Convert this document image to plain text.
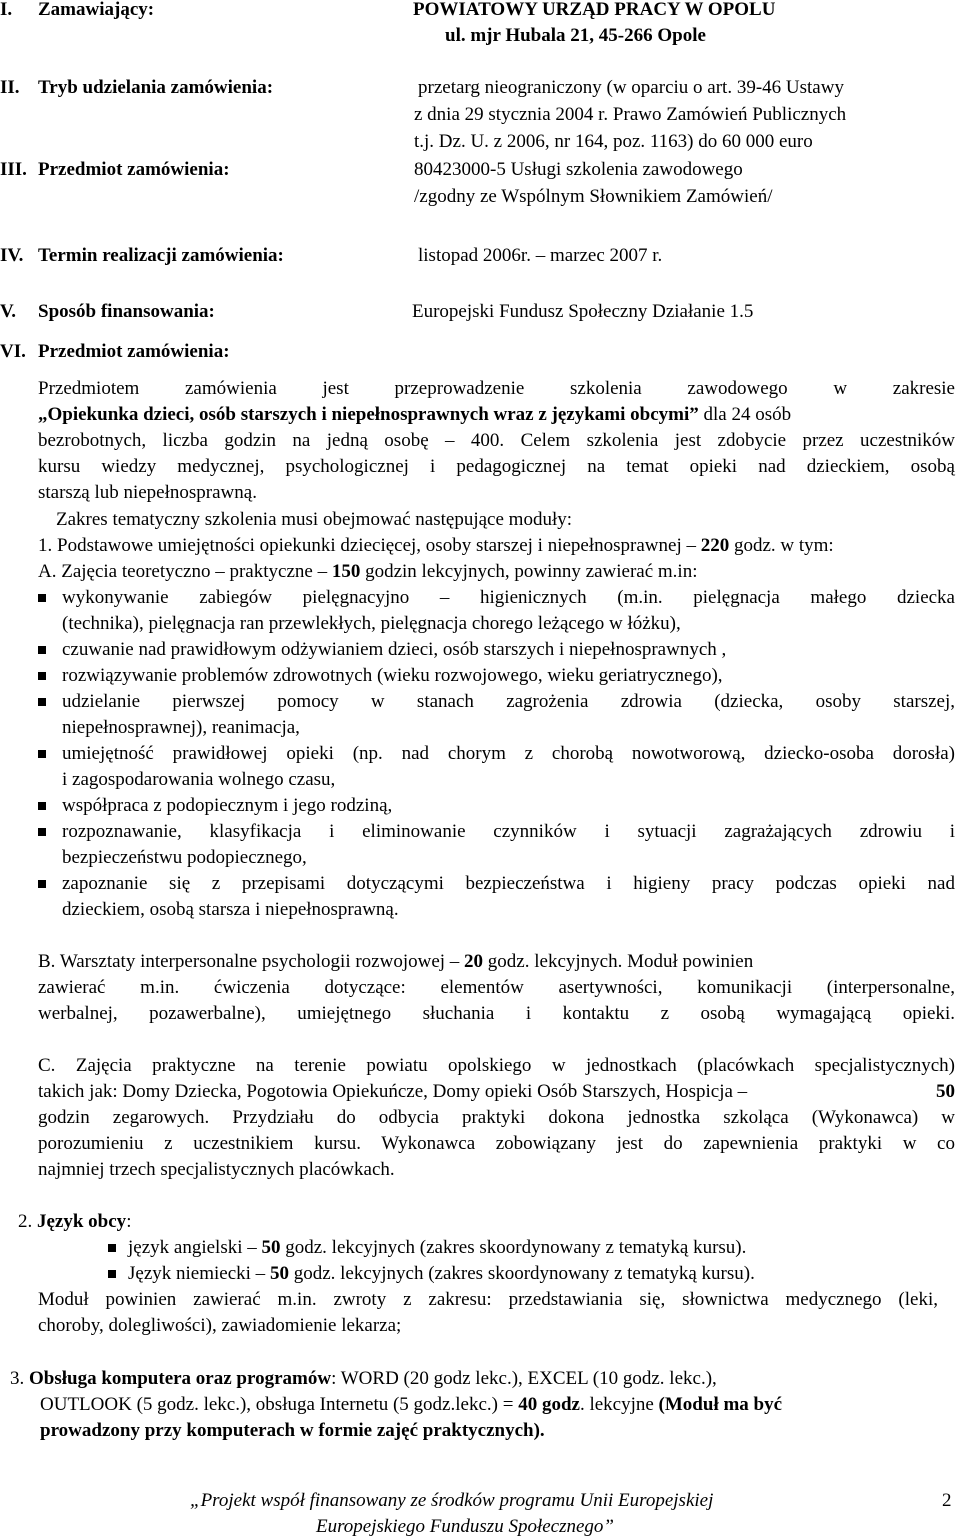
I. Zamawiający:	POWIATOWY URZĄD PRACY W OPOLU
ul. mjr Hubala 21, 45-266 Opole
II. Tryb udzielania zamówienia:	przetarg nieograniczony (w oparciu o art. 39-46 Ustawy
z dnia 29 stycznia 2004 r. Prawo Zamówień Publicznych
t.j. Dz. U. z 2006, nr 164, poz. 1163) do 60 000 euro
III. Przedmiot zamówienia:	80423000-5 Usługi szkolenia zawodowego
/zgodny ze Wspólnym Słownikiem Zamówień/
IV. Termin realizacji zamówienia:	listopad 2006r. – marzec 2007 r.
V. Sposób finansowania:	Europejski Fundusz Społeczny Działanie 1.5
VI. Przedmiot zamówienia:
Przedmiotem zamówienia jest przeprowadzenie szkolenia zawodowego w zakresie
„Opiekunka dzieci, osób starszych i niepełnosprawnych wraz z językami obcymi” dla 24 osób
bezrobotnych, liczba godzin na jedną osobę – 400. Celem szkolenia jest zdobycie przez uczestników
kursu wiedzy medycznej, psychologicznej i pedagogicznej na temat opieki nad dzieckiem, osobą
starszą lub niepełnosprawną.
Zakres tematyczny szkolenia musi obejmować następujące moduły:
1. Podstawowe umiejętności opiekunki dziecięcej, osoby starszej i niepełnosprawnej – 220 godz. w tym:
A. Zajęcia teoretyczno – praktyczne – 150 godzin lekcyjnych, powinny zawierać m.in:
wykonywanie zabiegów pielęgnacyjno – higienicznych (m.in. pielęgnacja małego dziecka
(technika), pielęgnacja ran przewlekłych, pielęgnacja chorego leżącego w łóżku),
czuwanie nad prawidłowym odżywianiem dzieci, osób starszych i niepełnosprawnych ,
rozwiązywanie problemów zdrowotnych (wieku rozwojowego, wieku geriatrycznego),
udzielanie pierwszej pomocy w stanach zagrożenia zdrowia (dziecka, osoby starszej,
niepełnosprawnej), reanimacja,
umiejętność prawidłowej opieki (np. nad chorym z chorobą nowotworową, dziecko-osoba dorosła)
i zagospodarowania wolnego czasu,
współpraca z podopiecznym i jego rodziną,
rozpoznawanie, klasyfikacja i eliminowanie czynników i sytuacji zagrażających zdrowiu i
bezpieczeństwu podopiecznego,
zapoznanie się z przepisami dotyczącymi bezpieczeństwa i higieny pracy podczas opieki nad
dzieckiem, osobą starsza i niepełnosprawną.
B. Warsztaty interpersonalne psychologii rozwojowej – 20 godz. lekcyjnych. Moduł powinien
zawierać m.in. ćwiczenia dotyczące: elementów asertywności, komunikacji (interpersonalne,
werbalnej, pozawerbalne), umiejętnego słuchania i kontaktu z osobą wymagającą opieki.
C. Zajęcia praktyczne na terenie powiatu opolskiego w jednostkach (placówkach specjalistycznych)
takich jak: Domy Dziecka, Pogotowia Opiekuńcze, Domy opieki Osób Starszych, Hospicja –	50
godzin zegarowych. Przydziału do odbycia praktyki dokona jednostka szkoląca (Wykonawca) w
porozumieniu z uczestnikiem kursu. Wykonawca zobowiązany jest do zapewnienia praktyki w co
najmniej trzech specjalistycznych placówkach.
2. Język obcy:
język angielski – 50 godz. lekcyjnych (zakres skoordynowany z tematyką kursu).
Język niemiecki – 50 godz. lekcyjnych (zakres skoordynowany z tematyką kursu).
Moduł powinien zawierać m.in. zwroty z zakresu: przedstawiania się, słownictwa medycznego (leki,
choroby, dolegliwości), zawiadomienie lekarza;
3. Obsługa komputera oraz programów: WORD (20 godz lekc.), EXCEL (10 godz. lekc.),
OUTLOOK (5 godz. lekc.), obsługa Internetu (5 godz.lekc.) = 40 godz. lekcyjne (Moduł ma być
prowadzony przy komputerach w formie zajęć praktycznych).
„Projekt współ finansowany ze środków programu Unii Europejskiej
Europejskiego Funduszu Społecznego”
2
